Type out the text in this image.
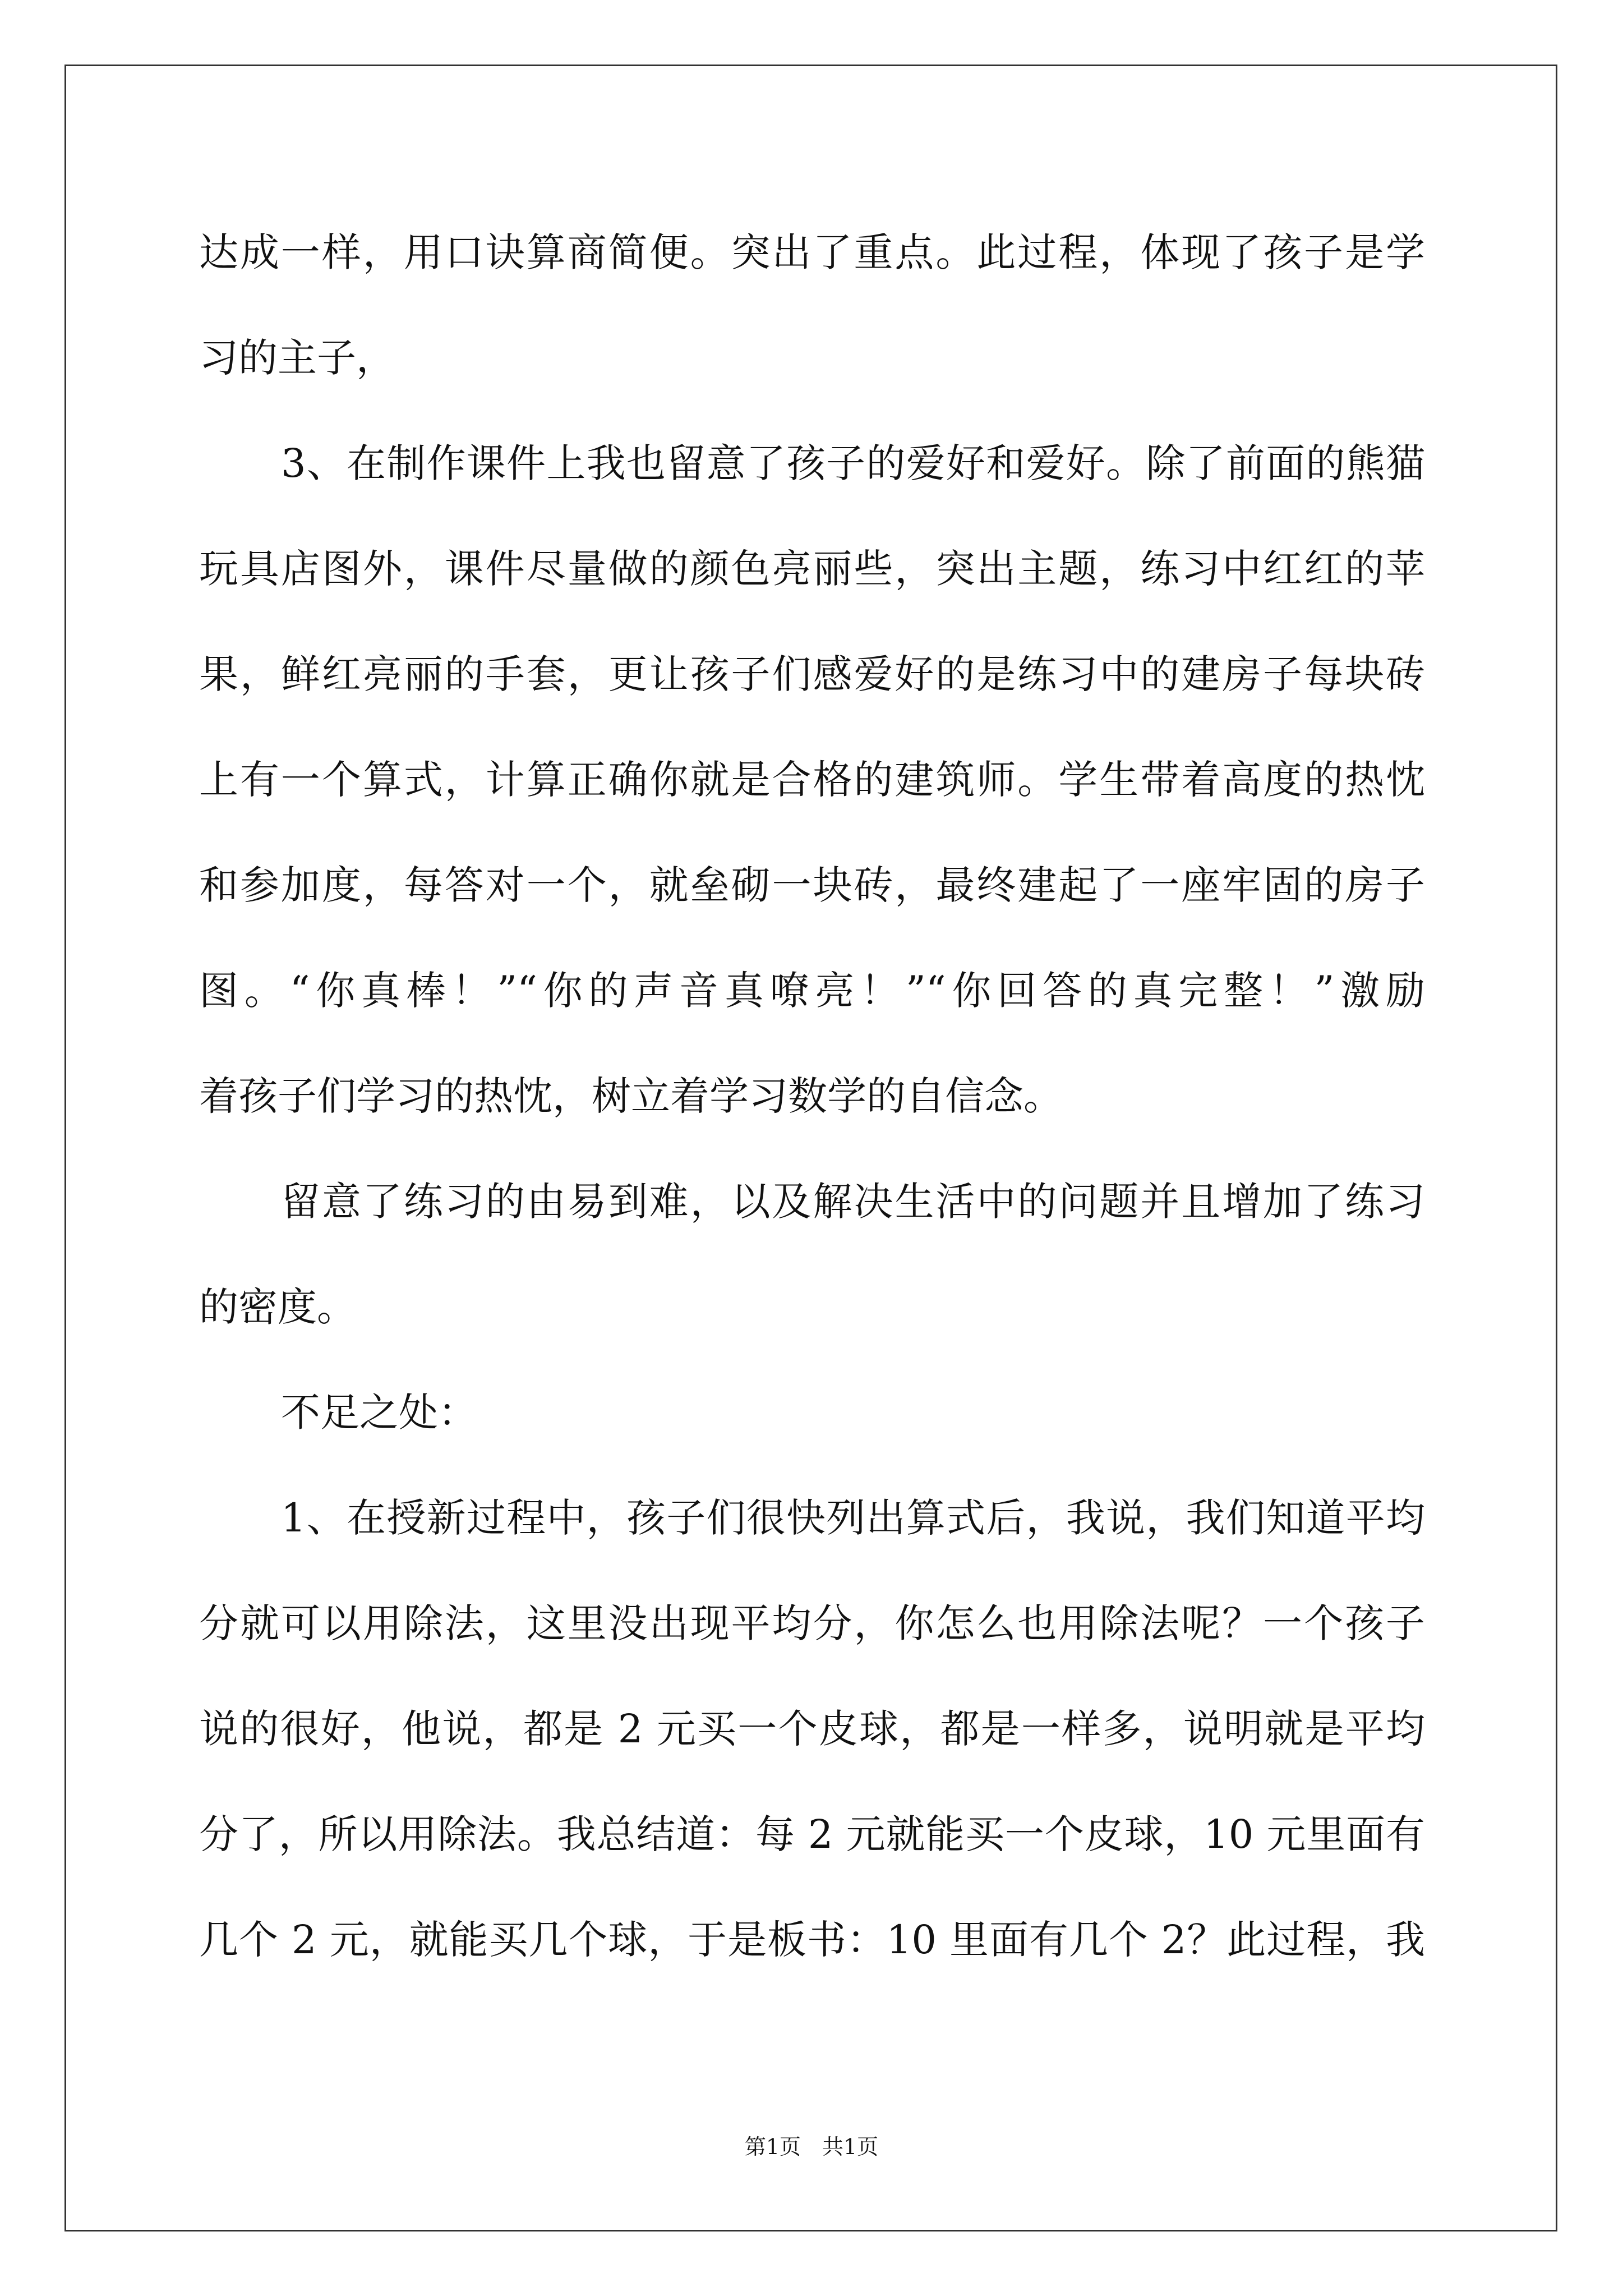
达成一样，用口诀算商简便。突出了重点。此过程，体现了孩子是学
习的主子，
3、在制作课件上我也留意了孩子的爱好和爱好。除了前面的熊猫
玩具店图外，课件尽量做的颜色亮丽些，突出主题，练习中红红的苹
果，鲜红亮丽的手套，更让孩子们感爱好的是练习中的建房子每块砖
上有一个算式，计算正确你就是合格的建筑师。学生带着高度的热忱
和参加度，每答对一个，就垒砌一块砖，最终建起了一座牢固的房子
图。“你真棒！”“你的声音真嘹亮！”“你回答的真完整！”激励
着孩子们学习的热忱，树立着学习数学的自信念。
留意了练习的由易到难，以及解决生活中的问题并且增加了练习
的密度。
不足之处：
1、在授新过程中，孩子们很快列出算式后，我说，我们知道平均
分就可以用除法，这里没出现平均分，你怎么也用除法呢？一个孩子
说的很好，他说，都是 2 元买一个皮球，都是一样多，说明就是平均
分了，所以用除法。我总结道：每 2 元就能买一个皮球，10 元里面有
几个 2 元，就能买几个球，于是板书：10 里面有几个 2？此过程，我
第1页　共1页
